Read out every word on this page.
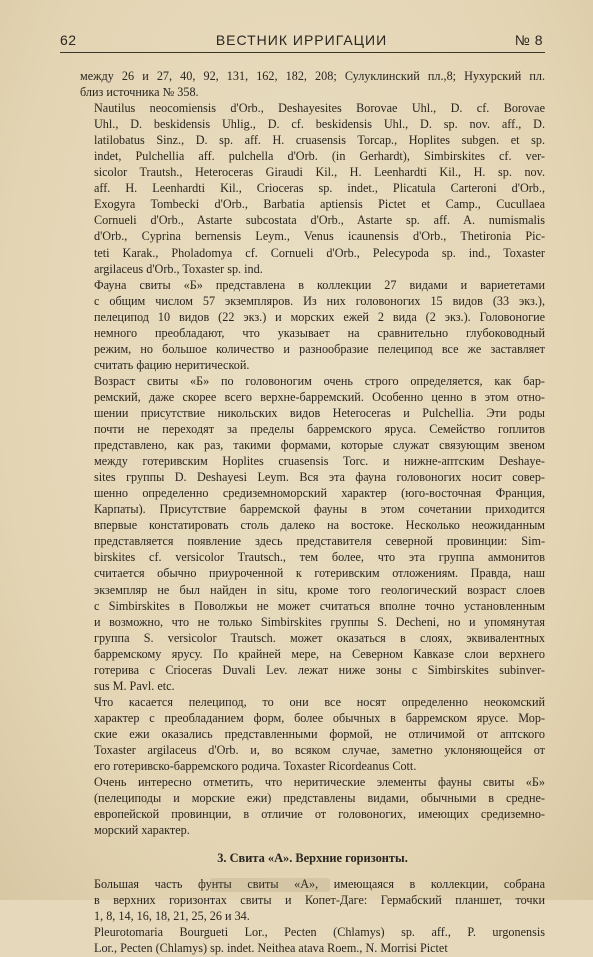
62	ВЕСТНИК ИРРИГАЦИИ	№ 8

между 26 и 27, 40, 92, 131, 162, 182, 208; Сулуклинский пл.,8; Нухурский пл.
близ источника № 358.

Nautilus neocomiensis d'Orb., Deshayesites Borovae Uhl., D. cf. Borovae
Uhl., D. beskidensis Uhlig., D. cf. beskidensis Uhl., D. sp. nov. aff., D.
latilobatus Sinz., D. sp. aff. H. cruasensis Torcap., Hoplites subgen. et sp.
indet, Pulchellia aff. pulchella d'Orb. (in Gerhardt), Simbirskites cf. ver-
sicolor Trautsh., Heteroceras Giraudi Kil., H. Leenhardti Kil., H. sp. nov.
aff. H. Leenhardti Kil., Crioceras sp. indet., Plicatula Carteroni d'Orb.,
Exogyra Tombecki d'Orb., Barbatia aptiensis Pictet et Camp., Cucullaea
Cornueli d'Orb., Astarte subcostata d'Orb., Astarte sp. aff. A. numismalis
d'Orb., Cyprina bernensis Leym., Venus icaunensis d'Orb., Thetironia Pic-
teti Karak., Pholadomya cf. Cornueli d'Orb., Pelecypoda sp. ind., Toxaster
argilaceus d'Orb., Toxaster sp. ind.

Фауна свиты «Б» представлена в коллекции 27 видами и вариететами
с общим числом 57 экземпляров. Из них головоногих 15 видов (33 экз.),
пелеципод 10 видов (22 экз.) и морских ежей 2 вида (2 экз.). Головоногие
немного преобладают, что указывает на сравнительно глубоководный
режим, но большое количество и разнообразие пелеципод все же заставляет
считать фацию неритической.

Возраст свиты «Б» по головоногим очень строго определяется, как бар-
ремский, даже скорее всего верхне-барремский. Особенно ценно в этом отно-
шении присутствие никольских видов Heteroceras и Pulchellia. Эти роды
почти не переходят за пределы барремского яруса. Семейство гоплитов
представлено, как раз, такими формами, которые служат связующим звеном
между готеривским Hoplites cruasensis Torc. и нижне-аптским Deshaye-
sites группы D. Deshayesi Leym. Вся эта фауна головоногих носит совер-
шенно определенно средиземноморский характер (юго-восточная Франция,
Карпаты). Присутствие барремской фауны в этом сочетании приходится
впервые констатировать столь далеко на востоке. Несколько неожиданным
представляется появление здесь представителя северной провинции: Sim-
birskites cf. versicolor Trautsch., тем более, что эта группа аммонитов
считается обычно приуроченной к готеривским отложениям. Правда, наш
экземпляр не был найден in situ, кроме того геологический возраст слоев
с Simbirskites в Поволжьи не может считаться вполне точно установленным
и возможно, что не только Simbirskites группы S. Decheni, но и упомянутая
группа S. versicolor Trautsch. может оказаться в слоях, эквивалентных
барремскому ярусу. По крайней мере, на Северном Кавказе слои верхнего
готерива с Crioceras Duvali Lev. лежат ниже зоны с Simbirskites subinver-
sus M. Pavl. etc.

Что касается пелеципод, то они все носят определенно неокомский
характер с преобладанием форм, более обычных в барремском ярусе. Мор-
ские ежи оказались представленными формой, не отличимой от аптского
Toxaster argilaceus d'Orb. и, во всяком случае, заметно уклоняющейся от
его готеривско-барремского родича. Toxaster Ricordeanus Cott.

Очень интересно отметить, что неритические элементы фауны свиты «Б»
(пелециподы и морские ежи) представлены видами, обычными в средне-
европейской провинции, в отличие от головоногих, имеющих средиземно-
морский характер.

3. Свита «А». Верхние горизонты.

Большая часть фунты свиты «А», имеющаяся в коллекции, собрана
в верхних горизонтах свиты и Копет-Даге: Гермабский планшет, точки
1, 8, 14, 16, 18, 21, 25, 26 и 34.

Pleurotomaria Bourgueti Lor., Pecten (Chlamys) sp. aff., P. urgonensis
Lor., Pecten (Chlamys) sp. indet. Neithea atava Roem., N. Morrisi Pictet
